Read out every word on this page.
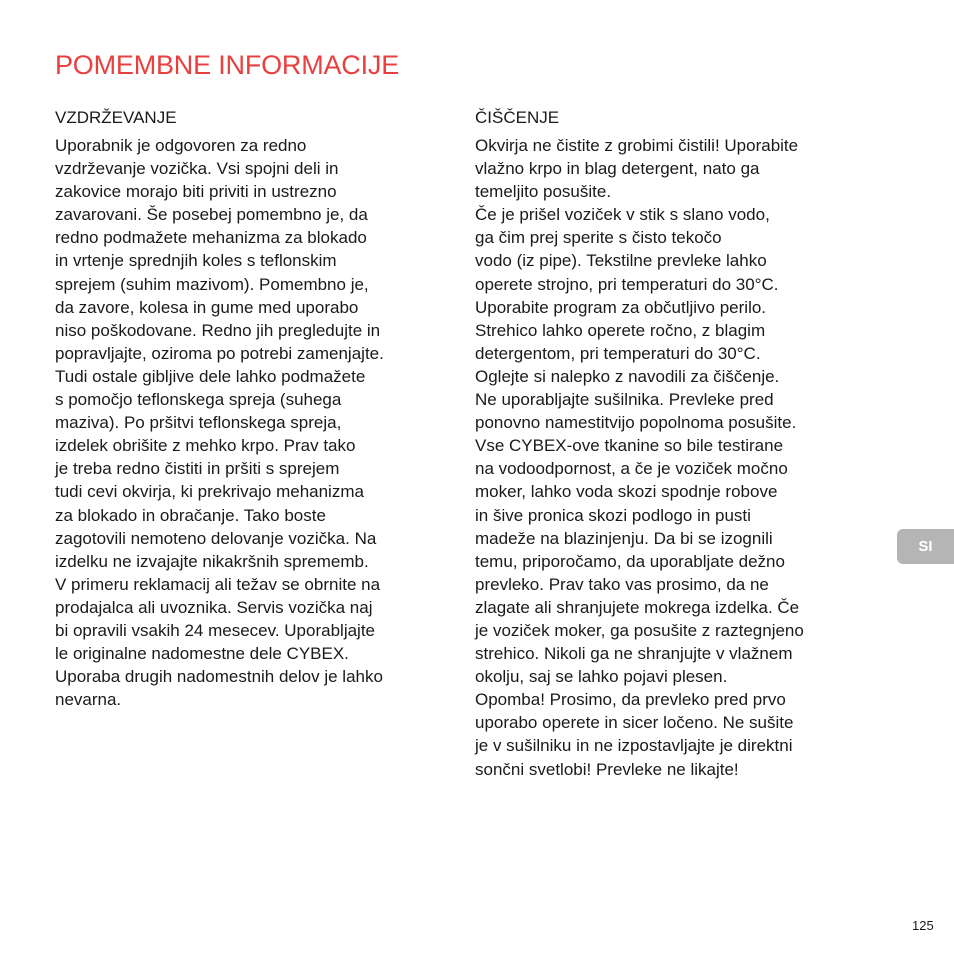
POMEMBNE INFORMACIJE
VZDRŽEVANJE

Uporabnik je odgovoren za redno
vzdrževanje vozička. Vsi spojni deli in
zakovice morajo biti priviti in ustrezno
zavarovani. Še posebej pomembno je, da
redno podmažete mehanizma za blokado
in vrtenje sprednjih koles s teflonskim
sprejem (suhim mazivom). Pomembno je,
da zavore, kolesa in gume med uporabo
niso poškodovane. Redno jih pregledujte in
popravljajte, oziroma po potrebi zamenjajte.
Tudi ostale gibljive dele lahko podmažete
s pomočjo teflonskega spreja (suhega
maziva). Po pršitvi teflonskega spreja,
izdelek obrišite z mehko krpo. Prav tako
je treba redno čistiti in pršiti s sprejem
tudi cevi okvirja, ki prekrivajo mehanizma
za blokado in obračanje. Tako boste
zagotovili nemoteno delovanje vozička. Na
izdelku ne izvajajte nikakršnih sprememb.
V primeru reklamacij ali težav se obrnite na
prodajalca ali uvoznika. Servis vozička naj
bi opravili vsakih 24 mesecev. Uporabljajte
le originalne nadomestne dele CYBEX.
Uporaba drugih nadomestnih delov je lahko
nevarna.

ČIŠČENJE

Okvirja ne čistite z grobimi čistili! Uporabite
vlažno krpo in blag detergent, nato ga
temeljito posušite.
Če je prišel voziček v stik s slano vodo,
ga čim prej sperite s čisto tekočo
vodo (iz pipe). Tekstilne prevleke lahko
operete strojno, pri temperaturi do 30°C.
Uporabite program za občutljivo perilo.
Strehico lahko operete ročno, z blagim
detergentom, pri temperaturi do 30°C.
Oglejte si nalepko z navodili za čiščenje.
Ne uporabljajte sušilnika. Prevleke pred
ponovno namestitvijo popolnoma posušite.
Vse CYBEX-ove tkanine so bile testirane
na vodoodpornost, a če je voziček močno
moker, lahko voda skozi spodnje robove
in šive pronica skozi podlogo in pusti
madeže na blazinjenju. Da bi se izognili
temu, priporočamo, da uporabljate dežno
prevleko. Prav tako vas prosimo, da ne
zlagate ali shranjujete mokrega izdelka. Če
je voziček moker, ga posušite z raztegnjeno
strehico. Nikoli ga ne shranjujte v vlažnem
okolju, saj se lahko pojavi plesen.
Opomba! Prosimo, da prevleko pred prvo
uporabo operete in sicer ločeno. Ne sušite
je v sušilniku in ne izpostavljajte je direktni
sončni svetlobi! Prevleke ne likajte!

SI
125
